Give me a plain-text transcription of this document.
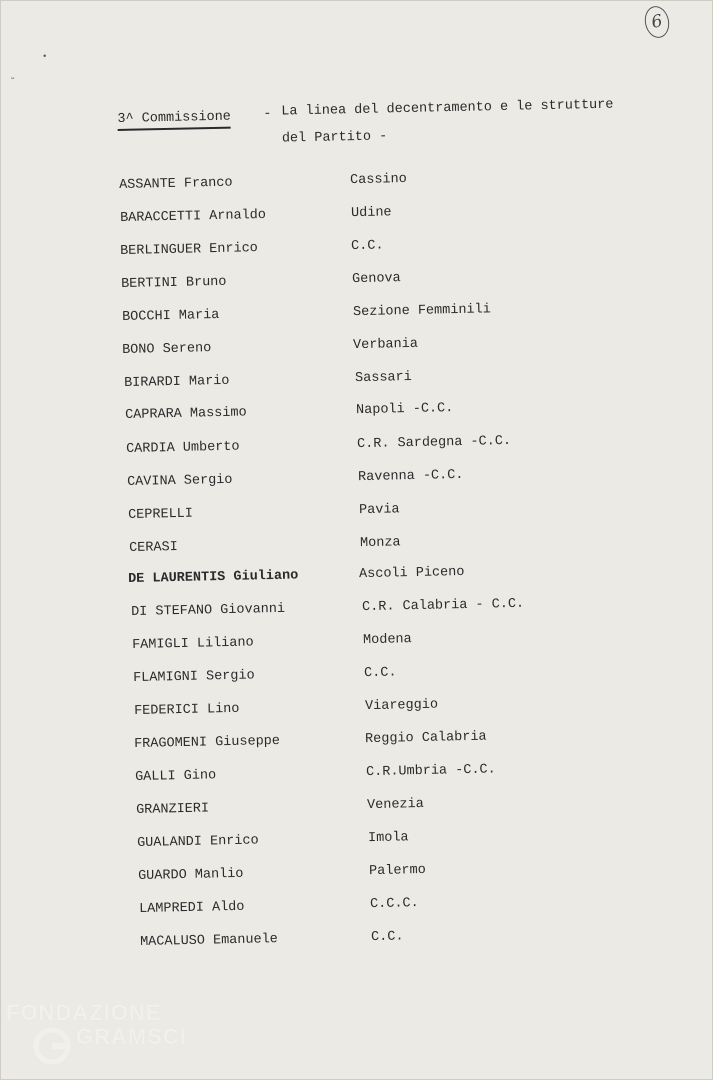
6
•
ᵕ
3^ Commissione - La linea del decentramento e le strutture
del Partito -
ASSANTE Franco	Cassino
BARACCETTI Arnaldo	Udine
BERLINGUER Enrico	C.C.
BERTINI Bruno	Genova
BOCCHI Maria	Sezione Femminili
BONO Sereno	Verbania
BIRARDI Mario	Sassari
CAPRARA Massimo	Napoli -C.C.
CARDIA Umberto	C.R. Sardegna -C.C.
CAVINA Sergio	Ravenna -C.C.
CEPRELLI	Pavia
CERASI	Monza
DE LAURENTIS Giuliano	Ascoli Piceno
DI STEFANO Giovanni	C.R. Calabria - C.C.
FAMIGLI Liliano	Modena
FLAMIGNI Sergio	C.C.
FEDERICI Lino	Viareggio
FRAGOMENI Giuseppe	Reggio Calabria
GALLI Gino	C.R.Umbria -C.C.
GRANZIERI	Venezia
GUALANDI Enrico	Imola
GUARDO Manlio	Palermo
LAMPREDI Aldo	C.C.C.
MACALUSO Emanuele	C.C.
FONDAZIONE
GRAMSCI
